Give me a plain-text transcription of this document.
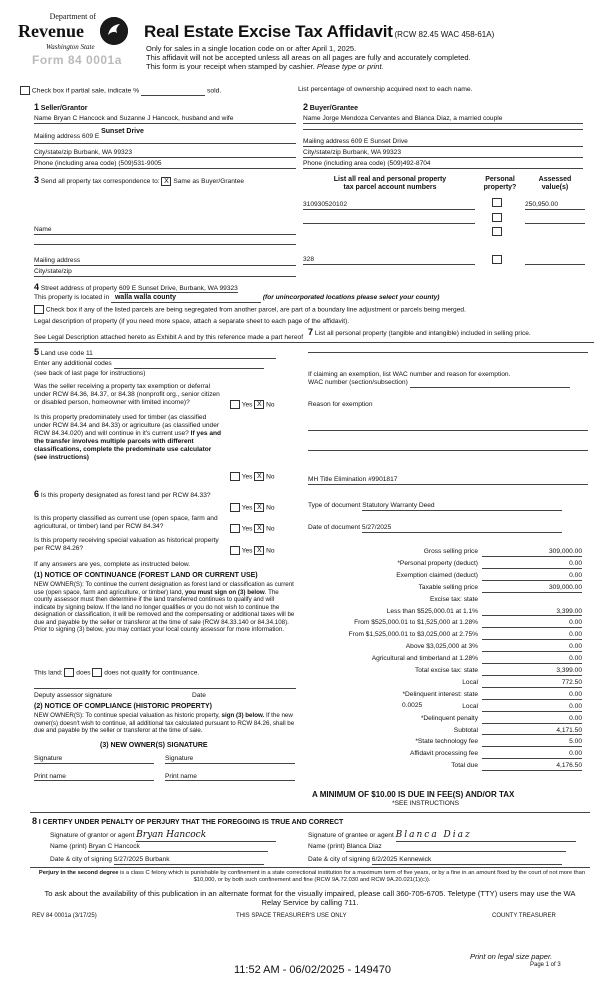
Department of
Revenue
Washington State
Form 84 0001a
Real Estate Excise Tax Affidavit (RCW 82.45 WAC 458-61A)
Only for sales in a single location code on or after April 1, 2025.
This affidavit will not be accepted unless all areas on all pages are fully and accurately completed.
This form is your receipt when stamped by cashier. Please type or print.
Check box if partial sale, indicate %	sold.	List percentage of ownership acquired next to each name.
1 Seller/Grantor
Name Bryan C Hancock and Suzanne J Hancock, husband and wife
Mailing address 609 E Sunset Drive
City/state/zip Burbank, WA 99323
Phone (including area code) (509)531-9005
2 Buyer/Grantee
Name Jorge Mendoza Cervantes and Blanca Diaz, a married couple
Mailing address 609 E Sunset Drive
City/state/zip Burbank, WA 99323
Phone (including area code) (509)492-8704
3 Send all property tax correspondence to: X Same as Buyer/Grantee
Name
Mailing address
City/state/zip
List all real and personal property
tax parcel account numbers
Personal property?
Assessed value(s)
310930520102	250,950.00
328
4 Street address of property 609 E Sunset Drive, Burbank, WA 99323
This property is located in walla walla county	(for unincorporated locations please select your county)
Check box if any of the listed parcels are being segregated from another parcel, are part of a boundary line adjustment or parcels being merged.
Legal description of property (if you need more space, attach a separate sheet to each page of the affidavit).
See Legal Description attached hereto as Exhibit A and by this reference made a part hereof
5 Land use code 11
Enter any additional codes
(see back of last page for instructions)
Was the seller receiving a property tax exemption or deferral under RCW 84.36, 84.37, or 84.38 (nonprofit org., senior citizen or disabled person, homeowner with limited income)?	Yes X No
Is this property predominately used for timber (as classified under RCW 84.34 and 84.33) or agriculture (as classified under RCW 84.34.020) and will continue in it's current use? If yes and the transfer involves multiple parcels with different classifications, complete the predominate use calculator (see instructions)
Yes X No
6 Is this property designated as forest land per RCW 84.33?
Yes X No
Is this property classified as current use (open space, farm and agricultural, or timber) land per RCW 84.34?	Yes X No
Is this property receiving special valuation as historical property per RCW 84.26?	Yes X No
If any answers are yes, complete as instructed below.
(1) NOTICE OF CONTINUANCE (FOREST LAND OR CURRENT USE)
NEW OWNER(S): To continue the current designation as forest land or classification as current use (open space, farm and agriculture, or timber) land, you must sign on (3) below. The county assessor must then determine if the land transferred continues to qualify and will indicate by signing below. If the land no longer qualifies or you do not wish to continue the designation or classification, it will be removed and the compensating or additional taxes will be due and payable by the seller or transferor at the time of sale (RCW 84.33.140 or 84.34.108). Prior to signing (3) below, you may contact your local county assessor for more information.
This land: does does not qualify for continuance.
Deputy assessor signature	Date
(2) NOTICE OF COMPLIANCE (HISTORIC PROPERTY)
NEW OWNER(S): To continue special valuation as historic property, sign (3) below. If the new owner(s) doesn't wish to continue, all additional tax calculated pursuant to RCW 84.26, shall be due and payable by the seller or transferor at the time of sale.
(3) NEW OWNER(S) SIGNATURE
Signature	Signature
Print name	Print name
7 List all personal property (tangible and intangible) included in selling price.
If claiming an exemption, list WAC number and reason for exemption.
WAC number (section/subsection)
Reason for exemption
MH Title Elimination #9901817
Type of document Statutory Warranty Deed
Date of document 5/27/2025
Gross selling price	309,000.00
*Personal property (deduct)	0.00
Exemption claimed (deduct)	0.00
Taxable selling price	309,000.00
Excise tax: state
Less than $525,000.01 at 1.1%	3,399.00
From $525,000.01 to $1,525,000 at 1.28%	0.00
From $1,525,000.01 to $3,025,000 at 2.75%	0.00
Above $3,025,000 at 3%	0.00
Agricultural and timberland at 1.28%	0.00
Total excise tax: state	3,399.00
Local	772.50
*Delinquent interest: state	0.00
Local	0.00
*Delinquent penalty	0.00
Subtotal	4,171.50
*State technology fee	5.00
Affidavit processing fee	0.00
Total due	4,176.50
0.0025
A MINIMUM OF $10.00 IS DUE IN FEE(S) AND/OR TAX
*SEE INSTRUCTIONS
8 I CERTIFY UNDER PENALTY OF PERJURY THAT THE FOREGOING IS TRUE AND CORRECT
Signature of grantor or agent Bryan Hancock
Name (print) Bryan C Hancock
Date & city of signing 5/27/2025 Burbank
Signature of grantee or agent Blanca Diaz
Name (print) Blanca Diaz
Date & city of signing 6/2/2025 Kennewick
Perjury in the second degree is a class C felony which is punishable by confinement in a state correctional institution for a maximum term of five years, or by a fine in an amount fixed by the court of not more than $10,000, or by both such confinement and fine (RCW 9A.72.030 and RCW 9A.20.021(1)(c)).
To ask about the availability of this publication in an alternate format for the visually impaired, please call 360-705-6705. Teletype (TTY) users may use the WA Relay Service by calling 711.
REV 84 0001a (3/17/25)	THIS SPACE TREASURER'S USE ONLY	COUNTY TREASURER
Print on legal size paper.
Page 1 of 3
11:52 AM - 06/02/2025 - 149470
